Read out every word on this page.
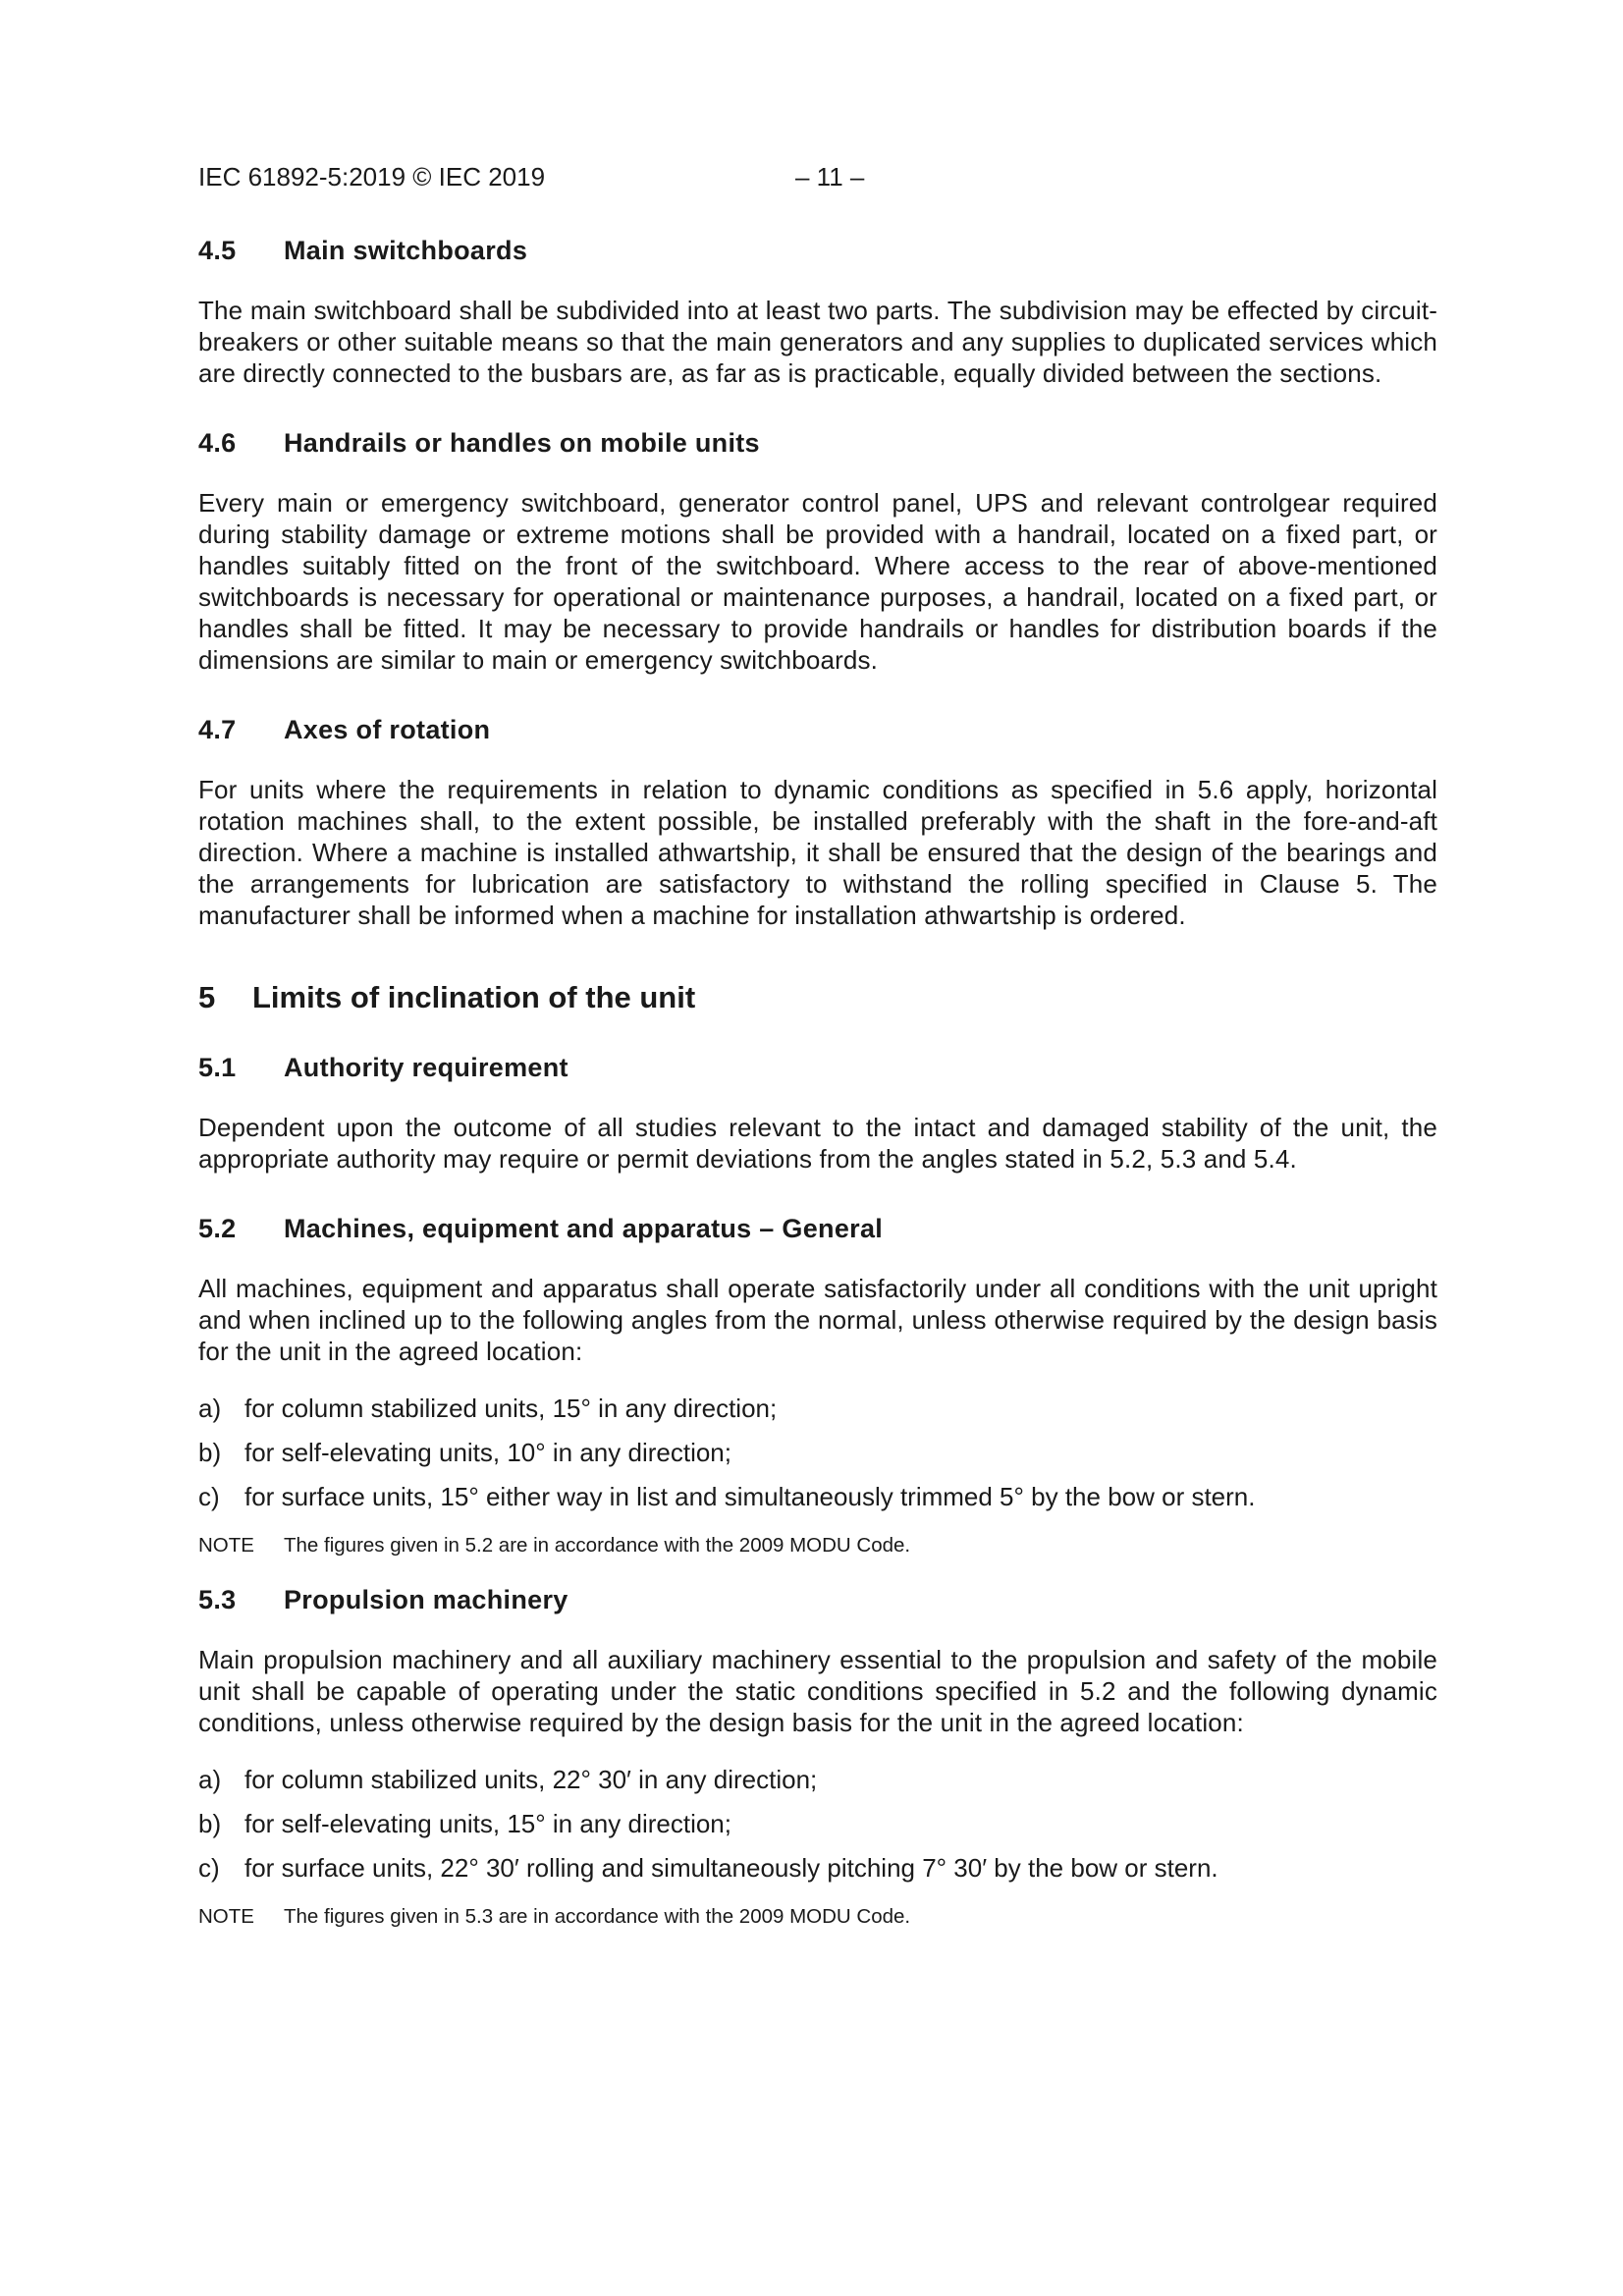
IEC 61892-5:2019 © IEC 2019	– 11 –
4.5	Main switchboards

The main switchboard shall be subdivided into at least two parts. The subdivision may be effected by circuit-breakers or other suitable means so that the main generators and any supplies to duplicated services which are directly connected to the busbars are, as far as is practicable, equally divided between the sections.

4.6	Handrails or handles on mobile units

Every main or emergency switchboard, generator control panel, UPS and relevant controlgear required during stability damage or extreme motions shall be provided with a handrail, located on a fixed part, or handles suitably fitted on the front of the switchboard. Where access to the rear of above-mentioned switchboards is necessary for operational or maintenance purposes, a handrail, located on a fixed part, or handles shall be fitted. It may be necessary to provide handrails or handles for distribution boards if the dimensions are similar to main or emergency switchboards.

4.7	Axes of rotation

For units where the requirements in relation to dynamic conditions as specified in 5.6 apply, horizontal rotation machines shall, to the extent possible, be installed preferably with the shaft in the fore-and-aft direction. Where a machine is installed athwartship, it shall be ensured that the design of the bearings and the arrangements for lubrication are satisfactory to withstand the rolling specified in Clause 5. The manufacturer shall be informed when a machine for installation athwartship is ordered.

5	Limits of inclination of the unit
5.1	Authority requirement

Dependent upon the outcome of all studies relevant to the intact and damaged stability of the unit, the appropriate authority may require or permit deviations from the angles stated in 5.2, 5.3 and 5.4.

5.2	Machines, equipment and apparatus – General

All machines, equipment and apparatus shall operate satisfactorily under all conditions with the unit upright and when inclined up to the following angles from the normal, unless otherwise required by the design basis for the unit in the agreed location:

a) for column stabilized units, 15° in any direction;
b) for self-elevating units, 10° in any direction;
c) for surface units, 15° either way in list and simultaneously trimmed 5° by the bow or stern.
NOTE	The figures given in 5.2 are in accordance with the 2009 MODU Code.
5.3	Propulsion machinery

Main propulsion machinery and all auxiliary machinery essential to the propulsion and safety of the mobile unit shall be capable of operating under the static conditions specified in 5.2 and the following dynamic conditions, unless otherwise required by the design basis for the unit in the agreed location:

a) for column stabilized units, 22° 30′ in any direction;
b) for self-elevating units, 15° in any direction;
c) for surface units, 22° 30′ rolling and simultaneously pitching 7° 30′ by the bow or stern.
NOTE	The figures given in 5.3 are in accordance with the 2009 MODU Code.
